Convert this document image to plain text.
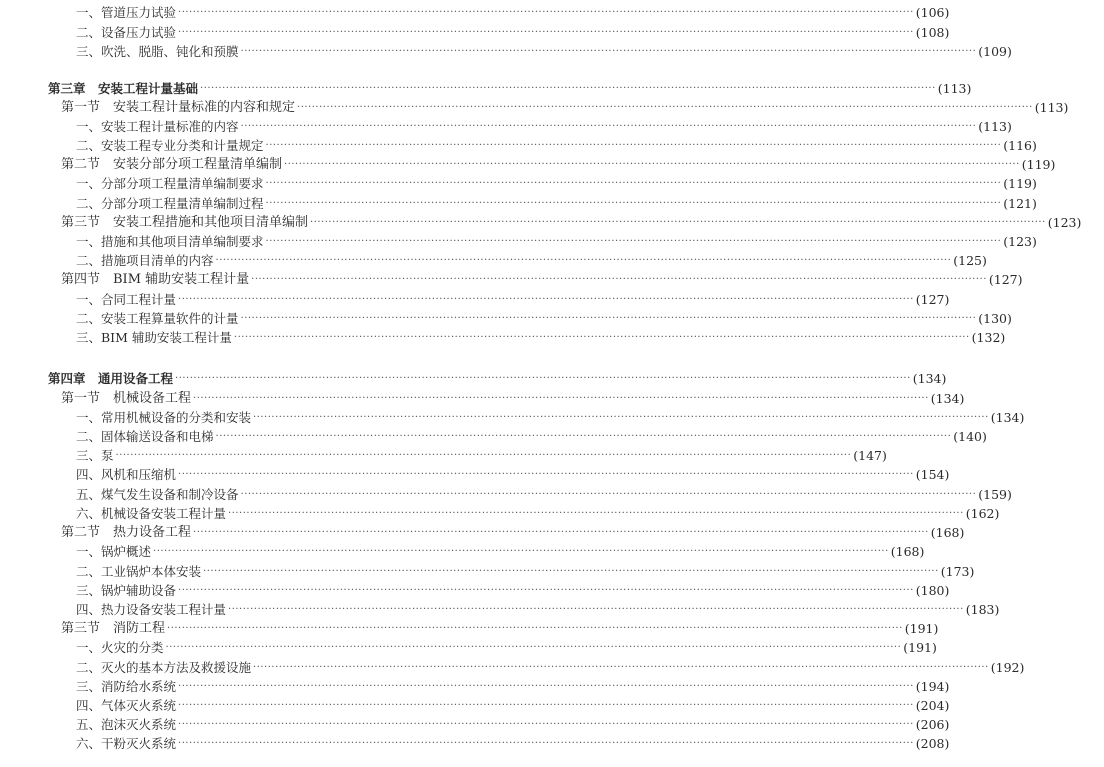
一、管道压力试验 ········································································································································································································ (106)
二、设备压力试验 ········································································································································································································ (108)
三、吹洗、脱脂、钝化和预膜 ········································································································································································································ (109)
第三章　安装工程计量基础 ········································································································································································································ (113)
第一节　安装工程计量标准的内容和规定 ········································································································································································································ (113)
一、安装工程计量标准的内容 ········································································································································································································ (113)
二、安装工程专业分类和计量规定 ········································································································································································································ (116)
第二节　安装分部分项工程量清单编制 ········································································································································································································ (119)
一、分部分项工程量清单编制要求 ········································································································································································································ (119)
二、分部分项工程量清单编制过程 ········································································································································································································ (121)
第三节　安装工程措施和其他项目清单编制 ········································································································································································································ (123)
一、措施和其他项目清单编制要求 ········································································································································································································ (123)
二、措施项目清单的内容 ········································································································································································································ (125)
第四节　BIM 辅助安装工程计量 ········································································································································································································ (127)
一、合同工程计量 ········································································································································································································ (127)
二、安装工程算量软件的计量 ········································································································································································································ (130)
三、BIM 辅助安装工程计量 ········································································································································································································ (132)
第四章　通用设备工程 ········································································································································································································ (134)
第一节　机械设备工程 ········································································································································································································ (134)
一、常用机械设备的分类和安装 ········································································································································································································ (134)
二、固体输送设备和电梯 ········································································································································································································ (140)
三、泵 ········································································································································································································ (147)
四、风机和压缩机 ········································································································································································································ (154)
五、煤气发生设备和制冷设备 ········································································································································································································ (159)
六、机械设备安装工程计量 ········································································································································································································ (162)
第二节　热力设备工程 ········································································································································································································ (168)
一、锅炉概述 ········································································································································································································ (168)
二、工业锅炉本体安装 ········································································································································································································ (173)
三、锅炉辅助设备 ········································································································································································································ (180)
四、热力设备安装工程计量 ········································································································································································································ (183)
第三节　消防工程 ········································································································································································································ (191)
一、火灾的分类 ········································································································································································································ (191)
二、灭火的基本方法及救援设施 ········································································································································································································ (192)
三、消防给水系统 ········································································································································································································ (194)
四、气体灭火系统 ········································································································································································································ (204)
五、泡沫灭火系统 ········································································································································································································ (206)
六、干粉灭火系统 ········································································································································································································ (208)
